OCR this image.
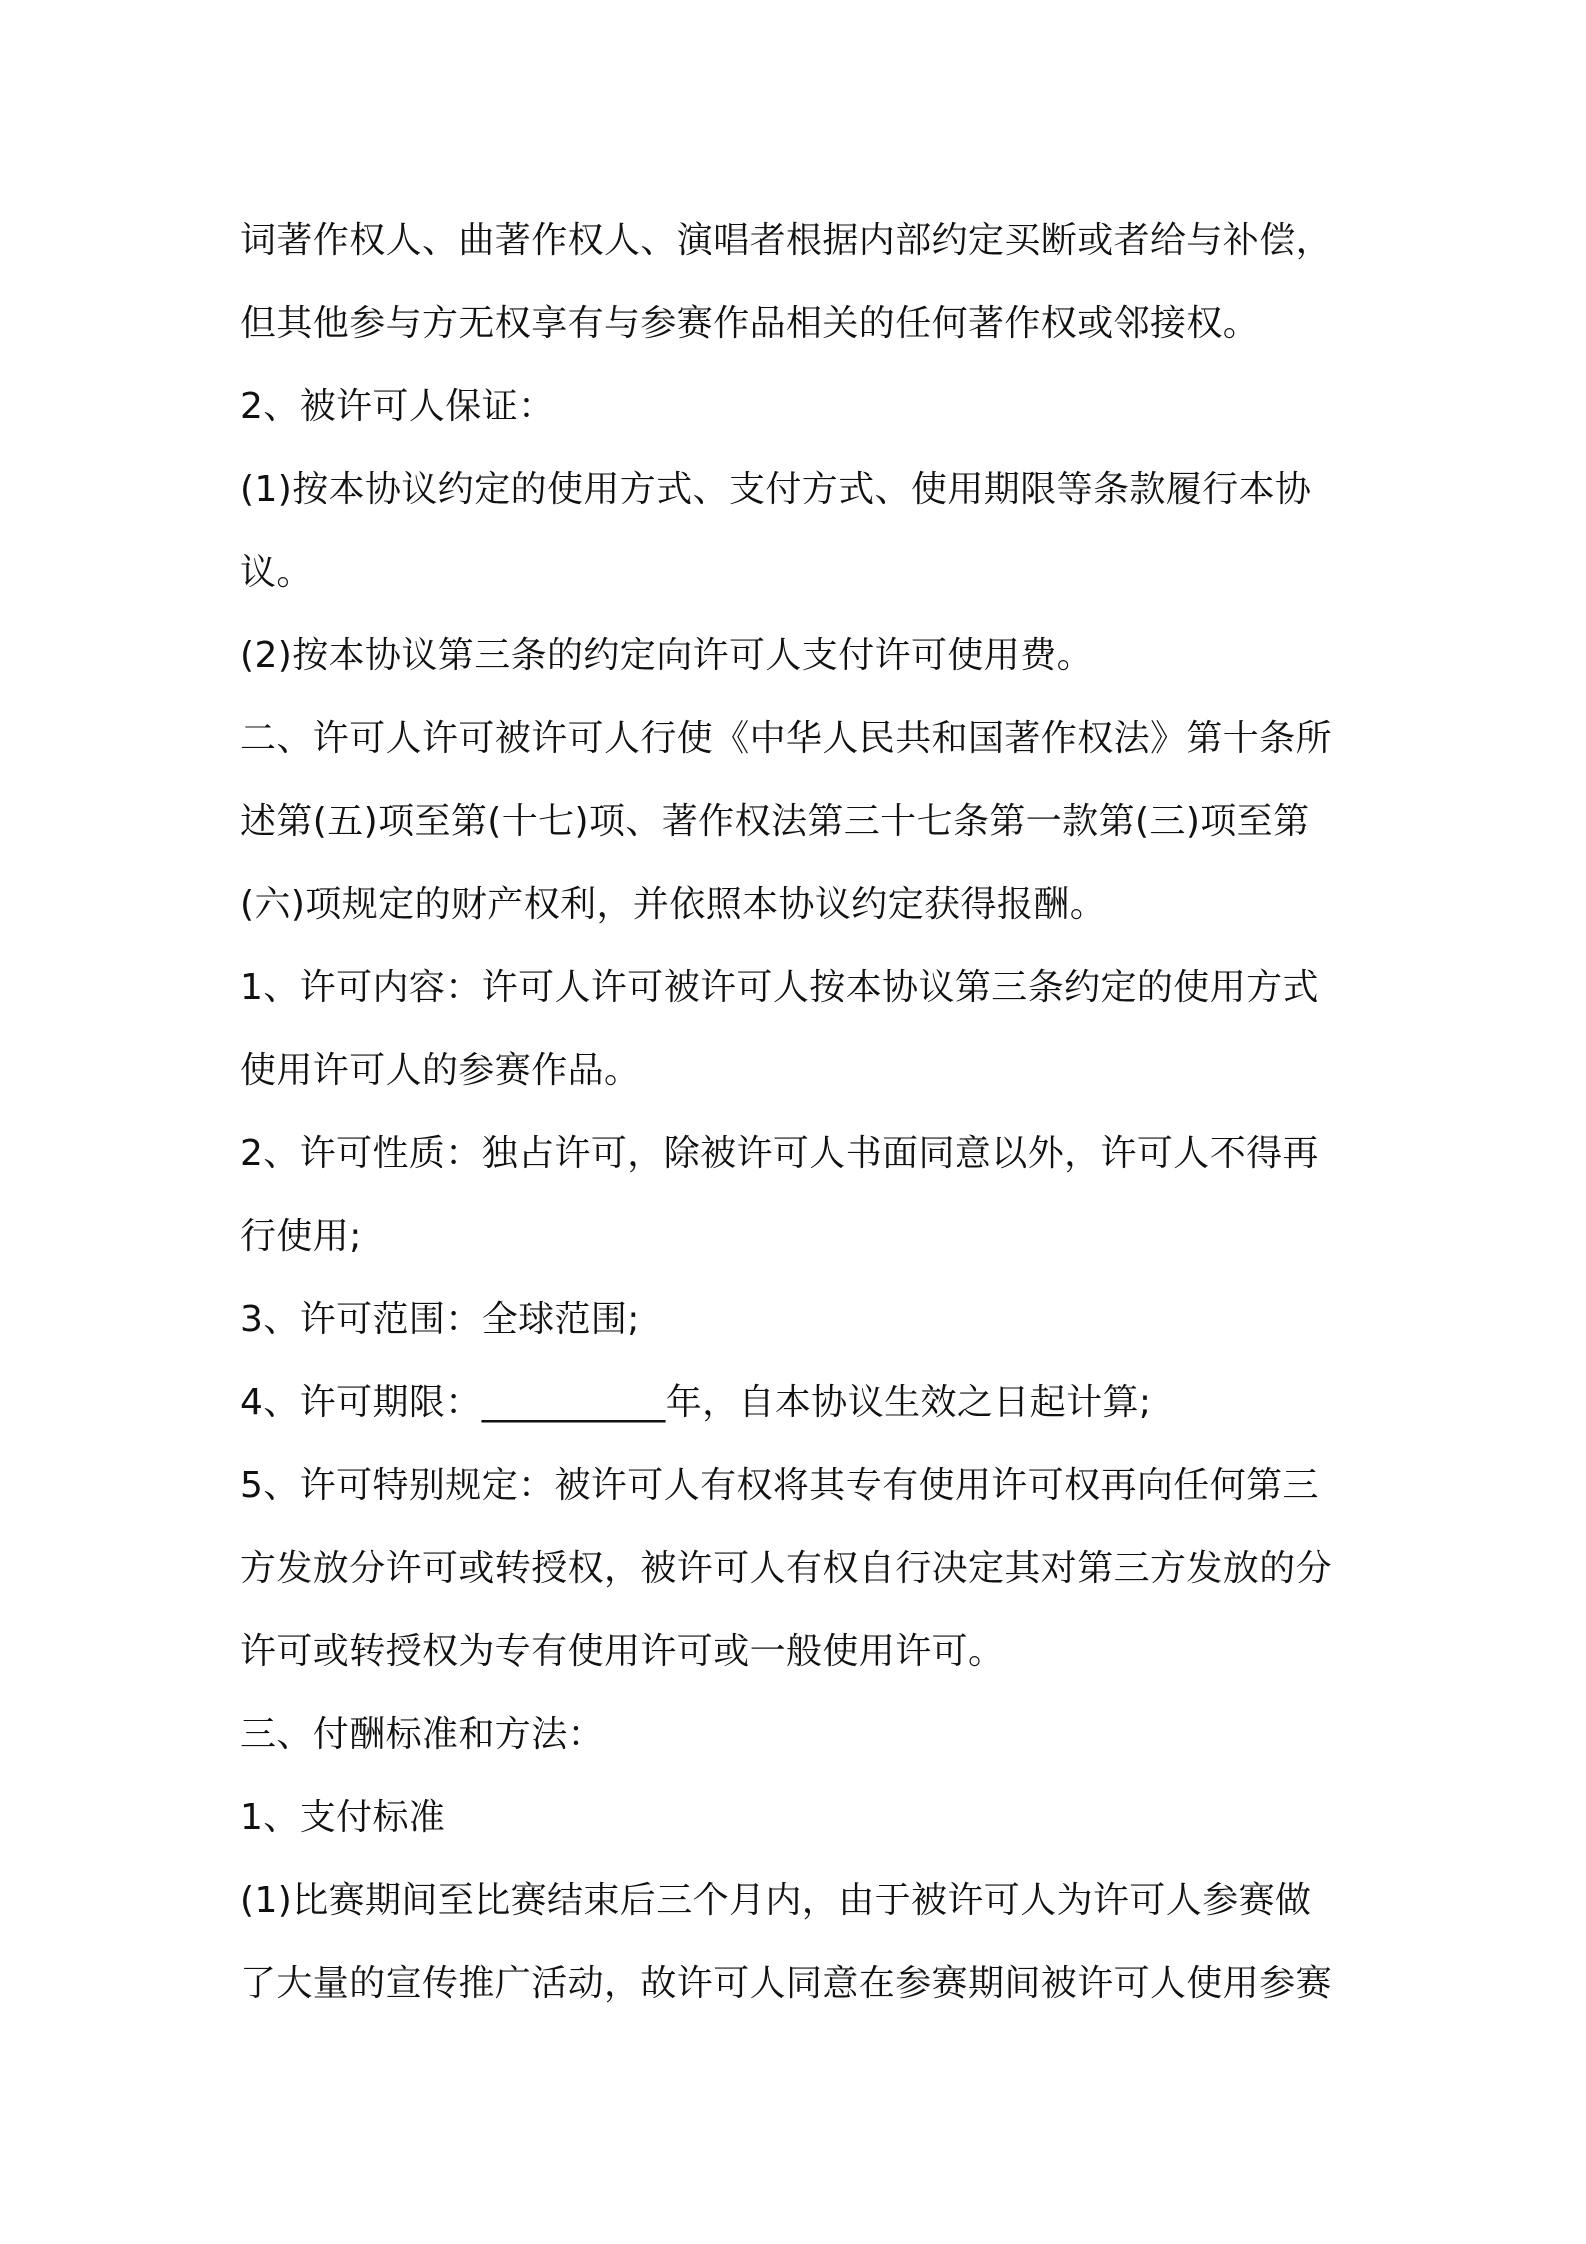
词著作权人、曲著作权人、演唱者根据内部约定买断或者给与补偿，
但其他参与方无权享有与参赛作品相关的任何著作权或邻接权。
2、被许可人保证：
(1)按本协议约定的使用方式、支付方式、使用期限等条款履行本协
议。
(2)按本协议第三条的约定向许可人支付许可使用费。
二、许可人许可被许可人行使《中华人民共和国著作权法》第十条所
述第(五)项至第(十七)项、著作权法第三十七条第一款第(三)项至第
(六)项规定的财产权利，并依照本协议约定获得报酬。
1、许可内容：许可人许可被许可人按本协议第三条约定的使用方式
使用许可人的参赛作品。
2、许可性质：独占许可，除被许可人书面同意以外，许可人不得再
行使用;
3、许可范围：全球范围;
4、许可期限：__________年，自本协议生效之日起计算;
5、许可特别规定：被许可人有权将其专有使用许可权再向任何第三
方发放分许可或转授权，被许可人有权自行决定其对第三方发放的分
许可或转授权为专有使用许可或一般使用许可。
三、付酬标准和方法：
1、支付标准
(1)比赛期间至比赛结束后三个月内，由于被许可人为许可人参赛做
了大量的宣传推广活动，故许可人同意在参赛期间被许可人使用参赛
